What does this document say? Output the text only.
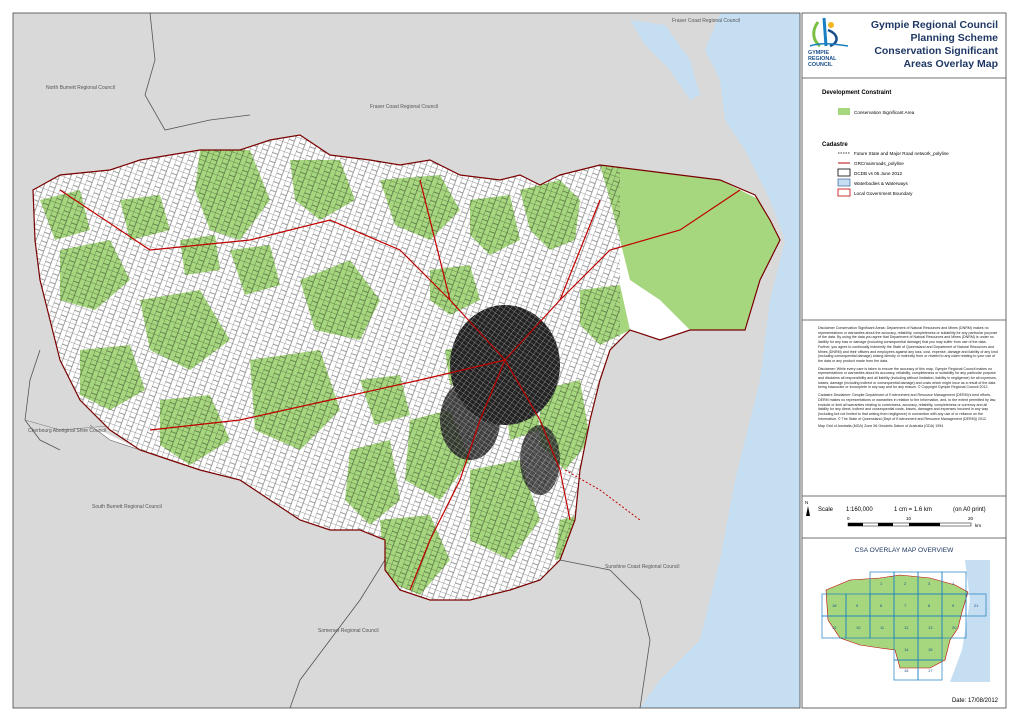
Fraser Coast Regional Council
North Burnett Regional Council
Fraser Coast Regional Council
Cherbourg Aboriginal Shire Council
South Burnett Regional Council
Sunshine Coast Regional Council
Somerset Regional Council
GYMPIE
REGIONAL
COUNCIL
Gympie Regional Council
Planning Scheme
Conservation Significant
Areas Overlay Map
Development Constraint
Conservation Significant Area
Cadastre
Future State and Major Road network_polyline
GRCmainroads_polyline
DCDB vs 05 June 2012
Waterbodies & Waterways
Local Government Boundary

Disclaimer Conservation Significant Areas: Department of Natural Resources and Mines (DNRM) makes no representations or warranties about the accuracy, reliability, completeness or suitability for any particular purpose of the data. By using the data you agree that Department of Natural Resources and Mines (DNRM) is under no liability for any loss or damage (including consequential damage) that you may suffer from use of the data. Further, you agree to continually indemnify the State of Queensland and Department of Natural Resources and Mines (DNRM) and their officers and employees against any loss, cost, expense, damage and liability of any kind (including consequential damage) arising directly or indirectly from or related to any claim relating to your use of the data or any product made from the data.

Disclaimer: While every care is taken to ensure the accuracy of this map, Gympie Regional Council makes no representations or warranties about its accuracy, reliability, completeness or suitability for any particular purpose and disclaims all responsibility and all liability (including without limitation, liability in negligence) for all expenses, losses, damage (including indirect or consequential damage) and costs which might incur as a result of the data being inaccurate or incomplete in any way and for any reason. © Copyright Gympie Regional Council 2012.

Cadastre Disclaimer: Despite Department of Environment and Resource Management (DERM)'s best efforts, DERM makes no representations or warranties in relation to the Information, and, to the extent permitted by law, exclude or limit all warranties relating to correctness, accuracy, reliability, completeness or currency and all liability for any direct, indirect and consequential costs, losses, damages and expenses incurred in any way (including but not limited to that arising from negligence) in connection with any use of or reliance on the Information. © The State of Queensland (Dept of Environment and Resource Management (DERM)) 2012.

Map Grid of Australia (MGA) Zone 56 Geodetic Datum of Australia (GDA) 1994

N
Scale 1:160,000	1 cm = 1.6 km	(on A0 print)
0	10	20
km
CSA OVERLAY MAP OVERVIEW
1	2	3	4
5	6	7	8	9
10	11	12	13
14	15
16	17
18
19	20
21
Date: 17/08/2012
